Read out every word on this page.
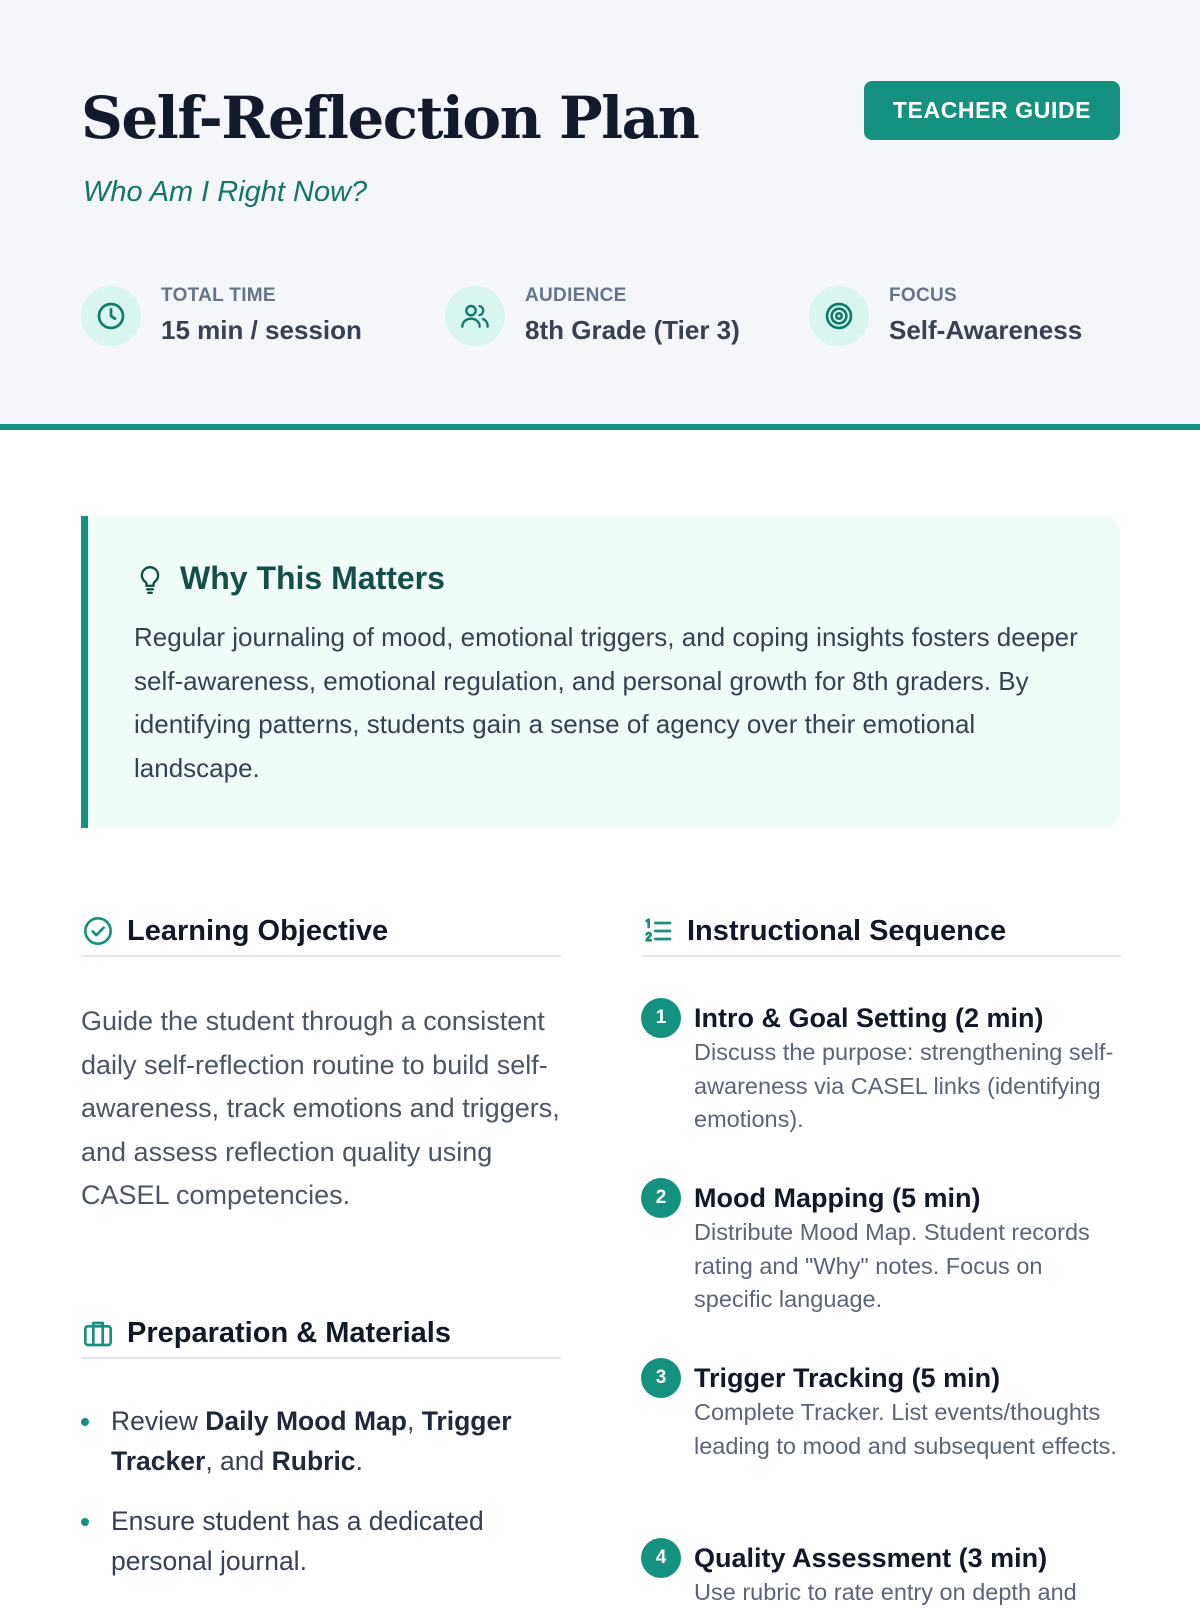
Self-Reflection Plan
Who Am I Right Now?
TEACHER GUIDE
TOTAL TIME
15 min / session
AUDIENCE
8th Grade (Tier 3)
FOCUS
Self-Awareness
Why This Matters

Regular journaling of mood, emotional triggers, and coping insights fosters deeper self-awareness, emotional regulation, and personal growth for 8th graders. By identifying patterns, students gain a sense of agency over their emotional landscape.

Learning Objective

Guide the student through a consistent daily self-reflection routine to build self-awareness, track emotions and triggers, and assess reflection quality using CASEL competencies.

Preparation & Materials
Review Daily Mood Map, Trigger Tracker, and Rubric.
Ensure student has a dedicated personal journal.
Instructional Sequence
1	Intro & Goal Setting (2 min)
Discuss the purpose: strengthening self-awareness via CASEL links (identifying emotions).
2	Mood Mapping (5 min)
Distribute Mood Map. Student records rating and "Why" notes. Focus on specific language.
3	Trigger Tracking (5 min)
Complete Tracker. List events/thoughts leading to mood and subsequent effects.
4	Quality Assessment (3 min)
Use rubric to rate entry on depth and
